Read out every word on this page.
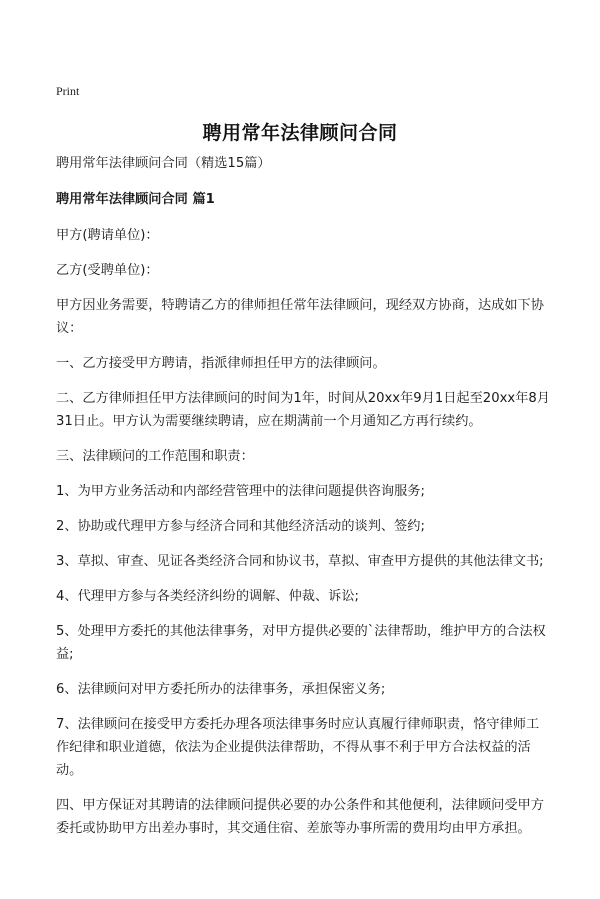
Print
聘用常年法律顾问合同

聘用常年法律顾问合同（精选15篇）

聘用常年法律顾问合同 篇1

甲方(聘请单位)：

乙方(受聘单位)：

甲方因业务需要，特聘请乙方的律师担任常年法律顾问，现经双方协商，达成如下协议：

一、乙方接受甲方聘请，指派律师担任甲方的法律顾问。

二、乙方律师担任甲方法律顾问的时间为1年，时间从20xx年9月1日起至20xx年8月31日止。甲方认为需要继续聘请，应在期满前一个月通知乙方再行续约。

三、法律顾问的工作范围和职责：

1、为甲方业务活动和内部经营管理中的法律问题提供咨询服务;

2、协助或代理甲方参与经济合同和其他经济活动的谈判、签约;

3、草拟、审查、见证各类经济合同和协议书，草拟、审查甲方提供的其他法律文书;

4、代理甲方参与各类经济纠纷的调解、仲裁、诉讼;

5、处理甲方委托的其他法律事务，对甲方提供必要的`法律帮助，维护甲方的合法权益;

6、法律顾问对甲方委托所办的法律事务，承担保密义务;

7、法律顾问在接受甲方委托办理各项法律事务时应认真履行律师职责，恪守律师工作纪律和职业道德，依法为企业提供法律帮助，不得从事不利于甲方合法权益的活动。

四、甲方保证对其聘请的法律顾问提供必要的办公条件和其他便利，法律顾问受甲方委托或协助甲方出差办事时，其交通住宿、差旅等办事所需的费用均由甲方承担。
